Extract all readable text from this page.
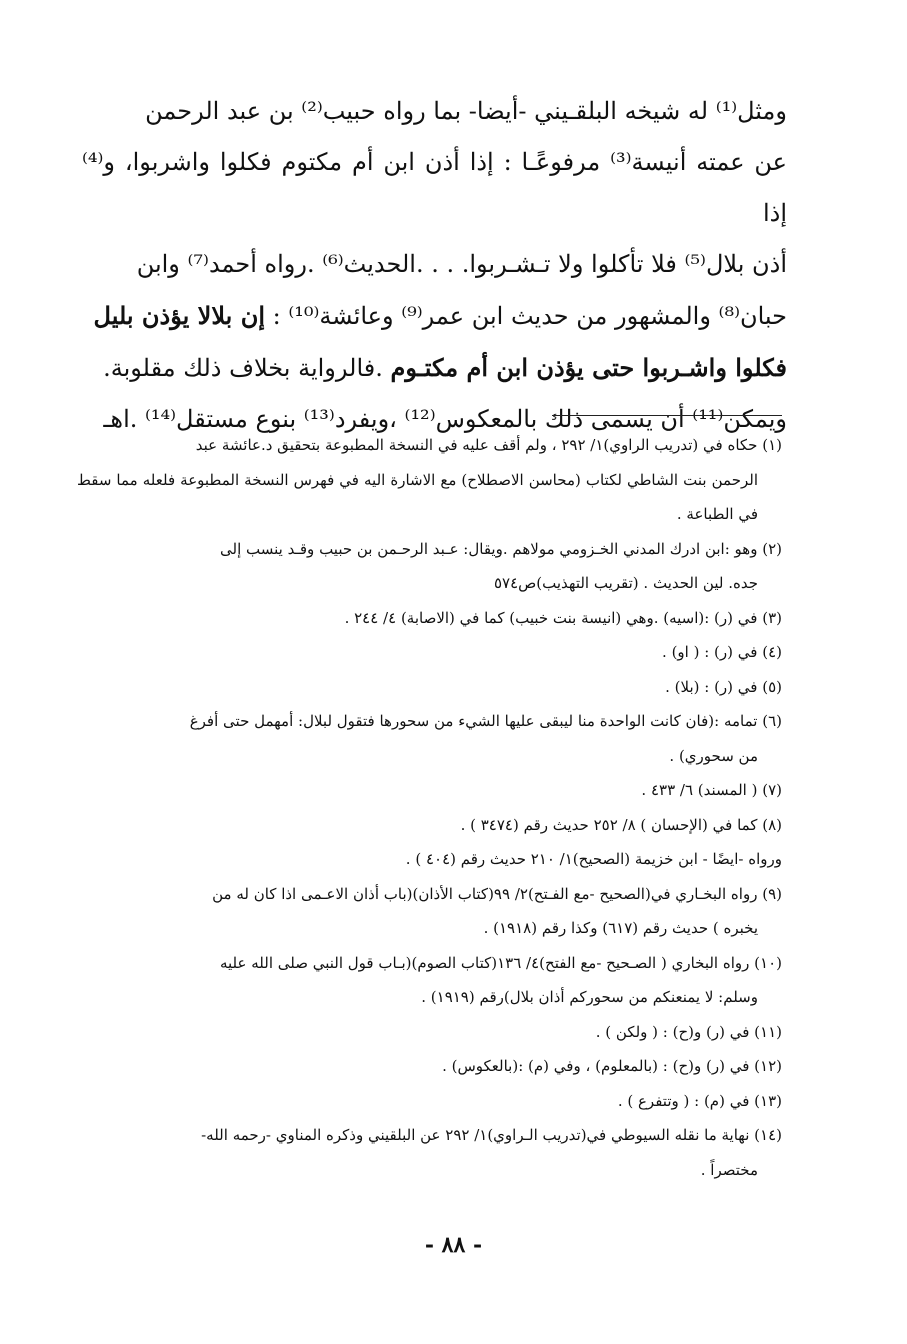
ومثل⁽¹⁾ له شيخه البلقـيني -أيضا- بما رواه حبيب⁽²⁾ بن عبد الرحمن

عن عمته أنيسة⁽³⁾ مرفوعًـا : إذا أذن ابن أم مكتوم فكلوا واشربوا، و⁽⁴⁾ إذا

أذن بلال⁽⁵⁾ فلا تأكلوا ولا تـشـربوا. . . .الحديث⁽⁶⁾ .رواه أحمد⁽⁷⁾ وابن

حبان⁽⁸⁾ والمشهور من حديث ابن عمر⁽⁹⁾ وعائشة⁽¹⁰⁾ : إن بلالا يؤذن بليل

فكلوا واشـربوا حتى يؤذن ابن أم مكتـوم .فالرواية بخلاف ذلك مقلوبة.

ويمكن⁽¹¹⁾ أن يسمى ذلك بالمعكوس⁽¹²⁾ ،ويفرد⁽¹³⁾ بنوع مستقل⁽¹⁴⁾ .اهـ

(١) حكاه في (تدريب الراوي)١/ ٢٩٢ ، ولم أقف عليه في النسخة المطبوعة بتحقيق د.عائشة عبد
الرحمن بنت الشاطي لكتاب (محاسن الاصطلاح) مع الاشارة اليه في فهرس النسخة المطبوعة فلعله مما سقط في الطباعة .
(٢) وهو :ابن ادرك المدني الخـزومي مولاهم .ويقال: عـبد الرحـمن بن حبيب وقـد ينسب إلى
جده. لين الحديث . (تقريب التهذيب)ص٥٧٤
(٣) في (ر) :(اسيه) .وهي (انيسة بنت خبيب) كما في (الاصابة) ٤/ ٢٤٤ .
(٤) في (ر) : ( او) .
(٥) في (ر) : (بلا) .
(٦) تمامه :(فان كانت الواحدة منا ليبقى عليها الشيء من سحورها فتقول لبلال: أمهمل حتى أفرغ
من سحوري) .
(٧) ( المسند) ٦/ ٤٣٣ .
(٨) كما في (الإحسان ) ٨/ ٢٥٢ حديث رقم (٣٤٧٤ ) .
ورواه -ايضًا - ابن خزيمة (الصحيح)١/ ٢١٠ حديث رقم (٤٠٤ ) .
(٩) رواه البخـاري في(الصحيح -مع الفـتح)٢/ ٩٩(كتاب الأذان)(باب أذان الاعـمى اذا كان له من
يخبره ) حديث رقم (٦١٧) وكذا رقم (١٩١٨) .
(١٠) رواه البخاري ( الصـحيح -مع الفتح)٤/ ١٣٦(كتاب الصوم)(بـاب قول النبي صلى الله عليه
وسلم: لا يمنعنكم من سحوركم أذان بلال)رقم (١٩١٩) .
(١١) في (ر) و(ح) : ( ولكن ) .
(١٢) في (ر) و(ح) : (بالمعلوم) ، وفي (م) :(بالعكوس) .
(١٣) في (م) : ( وتتفرع ) .
(١٤) نهاية ما نقله السيوطي في(تدريب الـراوي)١/ ٢٩٢ عن البلقيني وذكره المناوي -رحمه الله-
مختصراً .
- ٨٨ -
